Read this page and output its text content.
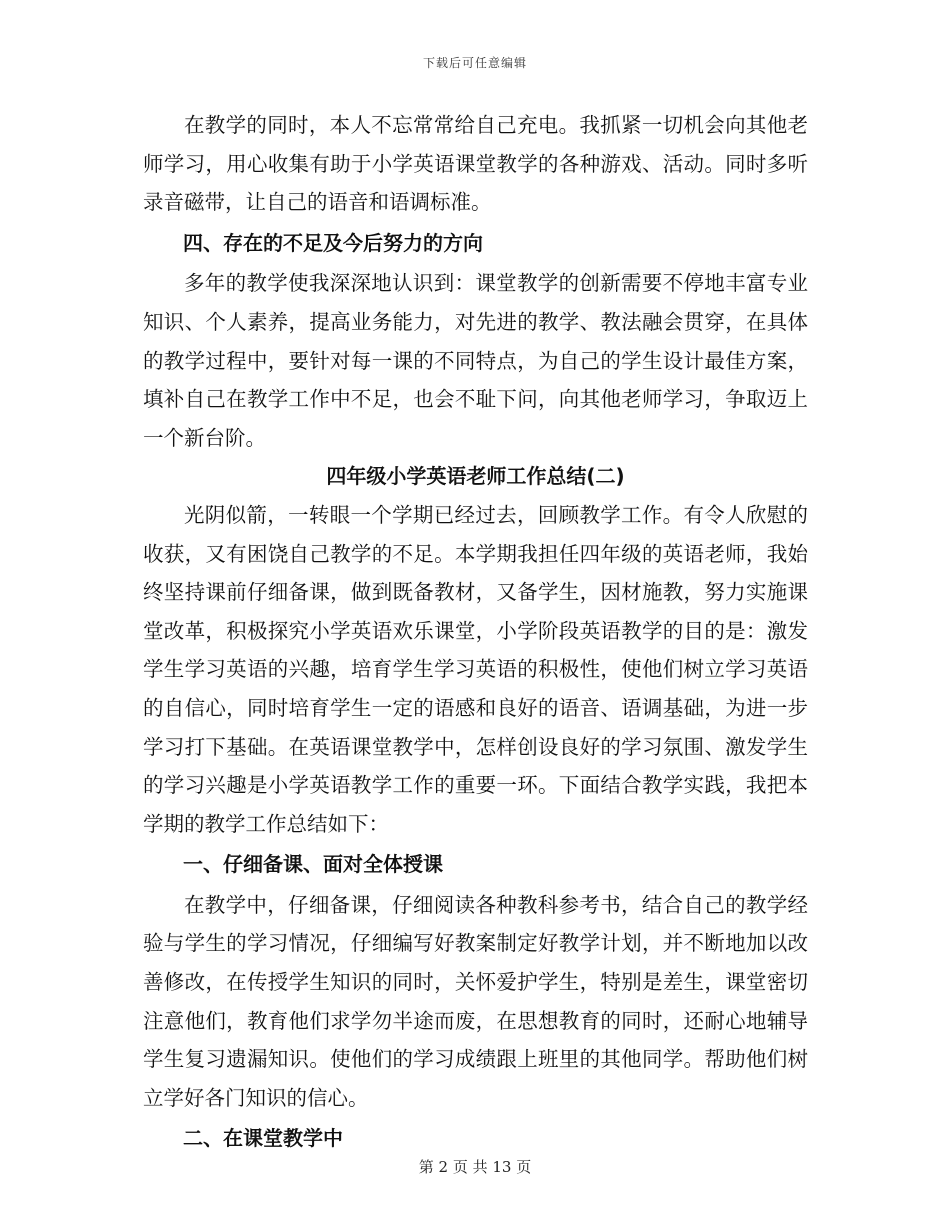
下载后可任意编辑

在教学的同时，本人不忘常常给自己充电。我抓紧一切机会向其他老师学习，用心收集有助于小学英语课堂教学的各种游戏、活动。同时多听录音磁带，让自己的语音和语调标准。

四、存在的不足及今后努力的方向

多年的教学使我深深地认识到：课堂教学的创新需要不停地丰富专业知识、个人素养，提高业务能力，对先进的教学、教法融会贯穿，在具体的教学过程中，要针对每一课的不同特点，为自己的学生设计最佳方案，填补自己在教学工作中不足，也会不耻下问，向其他老师学习，争取迈上一个新台阶。

四年级小学英语老师工作总结(二)

光阴似箭，一转眼一个学期已经过去，回顾教学工作。有令人欣慰的收获，又有困饶自己教学的不足。本学期我担任四年级的英语老师，我始终坚持课前仔细备课，做到既备教材，又备学生，因材施教，努力实施课堂改革，积极探究小学英语欢乐课堂，小学阶段英语教学的目的是：激发学生学习英语的兴趣，培育学生学习英语的积极性，使他们树立学习英语的自信心，同时培育学生一定的语感和良好的语音、语调基础，为进一步学习打下基础。在英语课堂教学中，怎样创设良好的学习氛围、激发学生的学习兴趣是小学英语教学工作的重要一环。下面结合教学实践，我把本学期的教学工作总结如下：

一、仔细备课、面对全体授课

在教学中，仔细备课，仔细阅读各种教科参考书，结合自己的教学经验与学生的学习情况，仔细编写好教案制定好教学计划，并不断地加以改善修改，在传授学生知识的同时，关怀爱护学生，特别是差生，课堂密切注意他们，教育他们求学勿半途而废，在思想教育的同时，还耐心地辅导学生复习遗漏知识。使他们的学习成绩跟上班里的其他同学。帮助他们树立学好各门知识的信心。

二、在课堂教学中

第 2 页 共 13 页
